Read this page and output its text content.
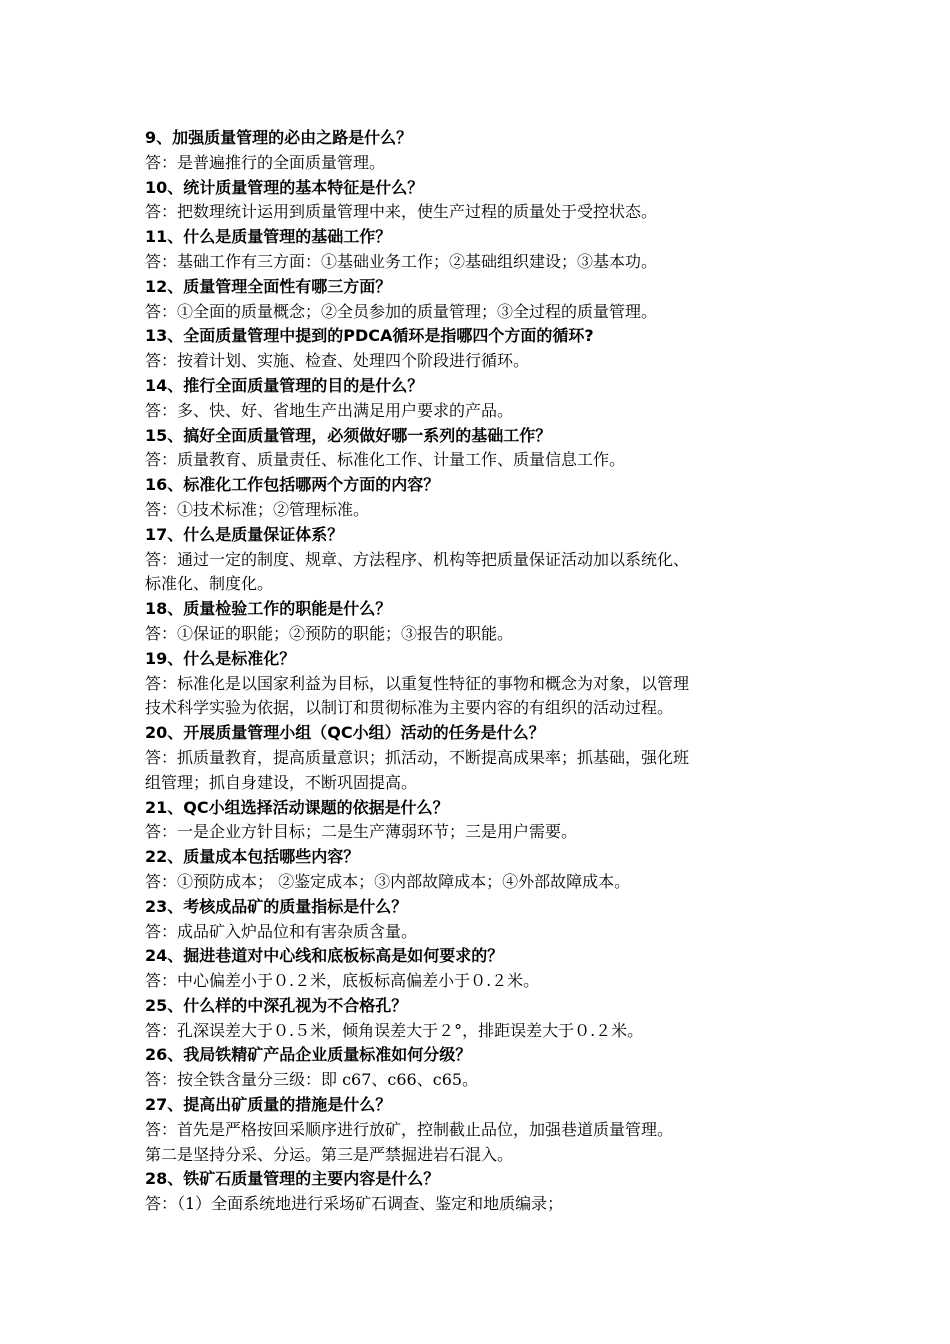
9、加强质量管理的必由之路是什么？
答：是普遍推行的全面质量管理。
10、统计质量管理的基本特征是什么？
答：把数理统计运用到质量管理中来，使生产过程的质量处于受控状态。
11、什么是质量管理的基础工作？
答：基础工作有三方面：①基础业务工作；②基础组织建设；③基本功。
12、质量管理全面性有哪三方面？
答：①全面的质量概念；②全员参加的质量管理；③全过程的质量管理。
13、全面质量管理中提到的PDCA循环是指哪四个方面的循环?
答：按着计划、实施、检查、处理四个阶段进行循环。
14、推行全面质量管理的目的是什么？
答：多、快、好、省地生产出满足用户要求的产品。
15、搞好全面质量管理，必须做好哪一系列的基础工作？
答：质量教育、质量责任、标准化工作、计量工作、质量信息工作。
16、标准化工作包括哪两个方面的内容？
答：①技术标准；②管理标准。
17、什么是质量保证体系？
答：通过一定的制度、规章、方法程序、机构等把质量保证活动加以系统化、
标准化、制度化。
18、质量检验工作的职能是什么？
答：①保证的职能；②预防的职能；③报告的职能。
19、什么是标准化？
答：标准化是以国家利益为目标，以重复性特征的事物和概念为对象，以管理
技术科学实验为依据，以制订和贯彻标准为主要内容的有组织的活动过程。
20、开展质量管理小组（QC小组）活动的任务是什么？
答：抓质量教育，提高质量意识；抓活动，不断提高成果率；抓基础，强化班
组管理；抓自身建设，不断巩固提高。
21、QC小组选择活动课题的依据是什么？
答：一是企业方针目标；二是生产薄弱环节；三是用户需要。
22、质量成本包括哪些内容？
答：①预防成本； ②鉴定成本；③内部故障成本；④外部故障成本。
23、考核成品矿的质量指标是什么？
答：成品矿入炉品位和有害杂质含量。
24、掘进巷道对中心线和底板标高是如何要求的？
答：中心偏差小于０.２米，底板标高偏差小于０.２米。
25、什么样的中深孔视为不合格孔？
答：孔深误差大于０.５米，倾角误差大于２°，排距误差大于０.２米。
26、我局铁精矿产品企业质量标准如何分级？
答：按全铁含量分三级：即 c67、c66、c65。
27、提高出矿质量的措施是什么？
答：首先是严格按回采顺序进行放矿，控制截止品位，加强巷道质量管理。
第二是坚持分采、分运。第三是严禁掘进岩石混入。
28、铁矿石质量管理的主要内容是什么？
答：（1）全面系统地进行采场矿石调查、鉴定和地质编录；
